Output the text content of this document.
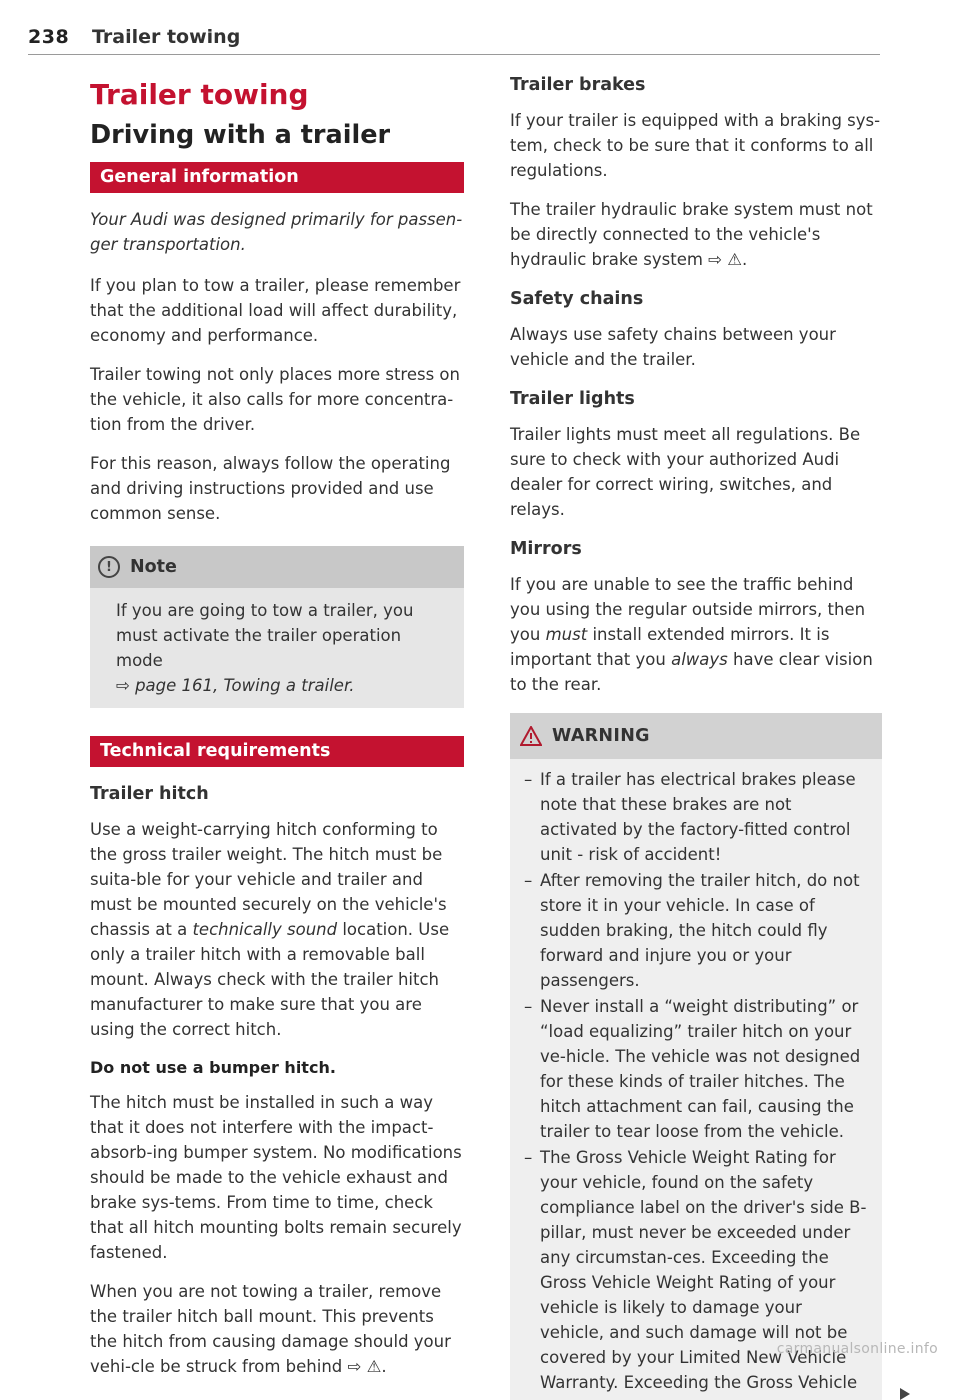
238 Trailer towing
Trailer towing
Driving with a trailer
General information

Your Audi was designed primarily for passen-ger transportation.

If you plan to tow a trailer, please remember that the additional load will affect durability, economy and performance.

Trailer towing not only places more stress on the vehicle, it also calls for more concentra-tion from the driver.

For this reason, always follow the operating and driving instructions provided and use common sense.

!	Note

If you are going to tow a trailer, you must activate the trailer operation mode

⇨ page 161, Towing a trailer.

Technical requirements
Trailer hitch

Use a weight-carrying hitch conforming to the gross trailer weight. The hitch must be suita-ble for your vehicle and trailer and must be mounted securely on the vehicle's chassis at a technically sound location. Use only a trailer hitch with a removable ball mount. Always check with the trailer hitch manufacturer to make sure that you are using the correct hitch.

Do not use a bumper hitch.

The hitch must be installed in such a way that it does not interfere with the impact-absorb-ing bumper system. No modifications should be made to the vehicle exhaust and brake sys-tems. From time to time, check that all hitch mounting bolts remain securely fastened.

When you are not towing a trailer, remove the trailer hitch ball mount. This prevents the hitch from causing damage should your vehi-cle be struck from behind ⇨ ⚠.

Trailer brakes

If your trailer is equipped with a braking sys-tem, check to be sure that it conforms to all regulations.

The trailer hydraulic brake system must not be directly connected to the vehicle's hydraulic brake system ⇨ ⚠.

Safety chains

Always use safety chains between your vehicle and the trailer.

Trailer lights

Trailer lights must meet all regulations. Be sure to check with your authorized Audi dealer for correct wiring, switches, and relays.

Mirrors

If you are unable to see the traffic behind you using the regular outside mirrors, then you must install extended mirrors. It is important that you always have clear vision to the rear.

WARNING
– If a trailer has electrical brakes please note that these brakes are not activated by the factory-fitted control unit - risk of accident!
– After removing the trailer hitch, do not store it in your vehicle. In case of sudden braking, the hitch could fly forward and injure you or your passengers.
– Never install a “weight distributing” or “load equalizing” trailer hitch on your ve-hicle. The vehicle was not designed for these kinds of trailer hitches. The hitch attachment can fail, causing the trailer to tear loose from the vehicle.
– The Gross Vehicle Weight Rating for your vehicle, found on the safety compliance label on the driver's side B-pillar, must never be exceeded under any circumstan-ces. Exceeding the Gross Vehicle Weight Rating of your vehicle is likely to damage your vehicle, and such damage will not be covered by your Limited New Vehicle Warranty. Exceeding the Gross Vehicle
carmanualsonline.info
